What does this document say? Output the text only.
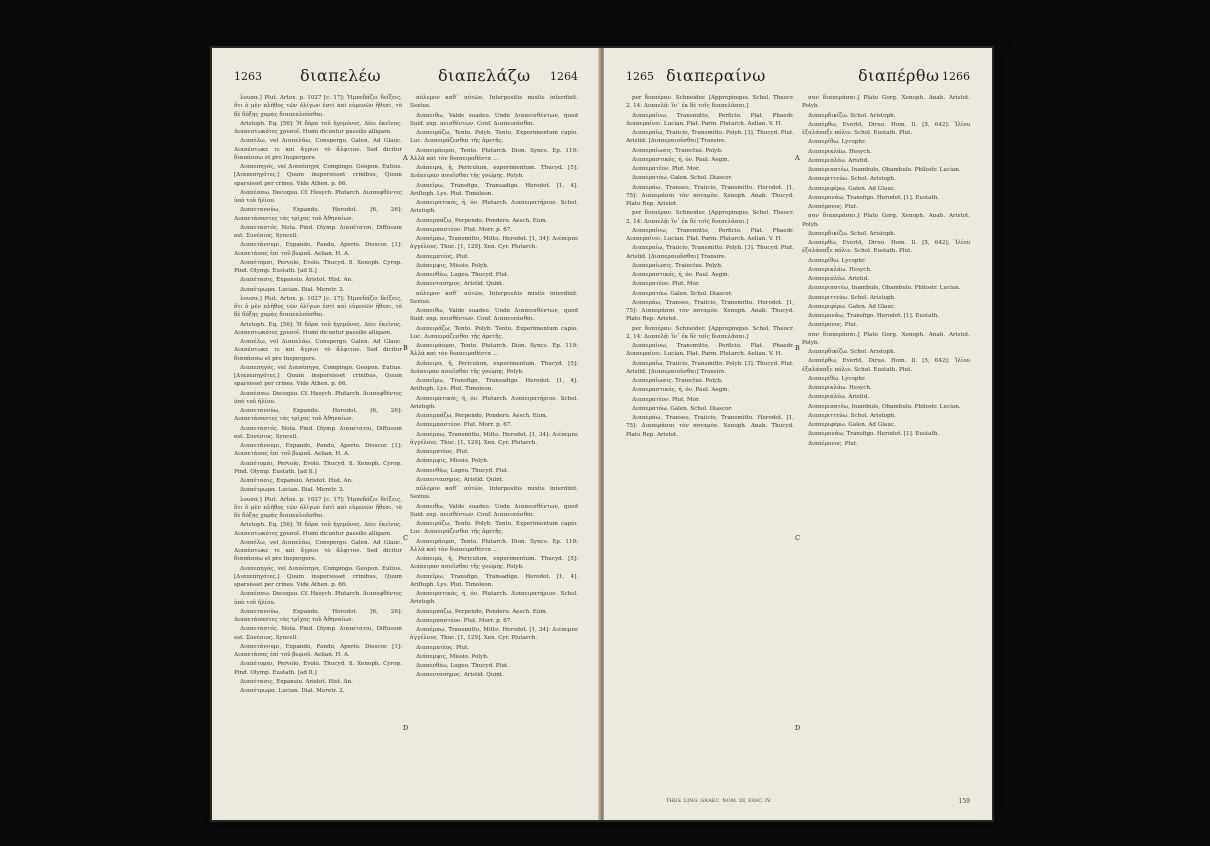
1263 διαπελέω	διαπελάζω 1264

λουσα.] Plut. Artox. p. 1027 [c. 17]: Ἡμπεδάζει δείξεις, ὅτι ὁ μὲν πλῆθος τῶν ὀλίγων ἐστὶ καὶ εὐμενῶν ἤθεσι, τὸ δὲ δόξης χαρὰς διαπεπλοῦσθαι.

Aristoph. Eq. [56]: Ἡ δόρα τοῦ ἡγεμόνος. Δέει ἐκεῖνος. Διαπεπτωκότες χρυσοῖ. Homi dicuntur passilis alligare.

Διαπέλω, vel Διαπελάω, Conspergo. Galen. Ad Glauc. Διαπέπτωκε τε καὶ ἄγριοι τὸ ἄλφιτον. Sed dicitur διαπάσσω et pro Inspergere.

Διαπεπηγός, vel Διαπέπηγα, Compingo. Geopon. Eutius. [Διαπεπηγότες.] Quum inspersisset crinibus, Quum sparsisset per crines. Vide Athen. p. 66.

Διαπέσσω. Decoquo. Cf. Hesych. Plutarch. Διαπεφθέντες ὑπὸ τοῦ ἡλίου.

Διαπεταννύω, Expando. Herodot. [6, 26]: Διαπετάσαντες τὰς τρίχας τοῦ Ἀθηναίων.

Διαπεταστός. Nota. Pind. Olymp. Διαπέταται, Diffusum est. Συνέσιος. Syncell.

Διαπετάννυμι, Expando, Pando, Aperio. Dioscor. [1]: Διαπετάσας ἐπὶ τοῦ βωμοῦ. Aelian. H. A.

Διαπέτομαι, Pervolo, Evolo. Thucyd. 8. Xenoph. Cyrop. Pind. Olymp. Eustath. [ad Il.]

Διαπέτασις, Expansio. Aristot. Hist. An.

Διαπέτρωμα. Lucian. Dial. Meretr. 2.

λουσα.] Plut. Artox. p. 1027 [c. 17]: Ἡμπεδάζει δείξεις, ὅτι ὁ μὲν πλῆθος τῶν ὀλίγων ἐστὶ καὶ εὐμενῶν ἤθεσι, τὸ δὲ δόξης χαρὰς διαπεπλοῦσθαι.

Aristoph. Eq. [56]: Ἡ δόρα τοῦ ἡγεμόνος. Δέει ἐκεῖνος. Διαπεπτωκότες χρυσοῖ. Homi dicuntur passilis alligare.

Διαπέλω, vel Διαπελάω, Conspergo. Galen. Ad Glauc. Διαπέπτωκε τε καὶ ἄγριοι τὸ ἄλφιτον. Sed dicitur διαπάσσω et pro Inspergere.

Διαπεπηγός, vel Διαπέπηγα, Compingo. Geopon. Eutius. [Διαπεπηγότες.] Quum inspersisset crinibus, Quum sparsisset per crines. Vide Athen. p. 66.

Διαπέσσω. Decoquo. Cf. Hesych. Plutarch. Διαπεφθέντες ὑπὸ τοῦ ἡλίου.

Διαπεταννύω, Expando. Herodot. [6, 26]: Διαπετάσαντες τὰς τρίχας τοῦ Ἀθηναίων.

Διαπεταστός. Nota. Pind. Olymp. Διαπέταται, Diffusum est. Συνέσιος. Syncell.

Διαπετάννυμι, Expando, Pando, Aperio. Dioscor. [1]: Διαπετάσας ἐπὶ τοῦ βωμοῦ. Aelian. H. A.

Διαπέτομαι, Pervolo, Evolo. Thucyd. 8. Xenoph. Cyrop. Pind. Olymp. Eustath. [ad Il.]

Διαπέτασις, Expansio. Aristot. Hist. An.

Διαπέτρωμα. Lucian. Dial. Meretr. 2.

λουσα.] Plut. Artox. p. 1027 [c. 17]: Ἡμπεδάζει δείξεις, ὅτι ὁ μὲν πλῆθος τῶν ὀλίγων ἐστὶ καὶ εὐμενῶν ἤθεσι, τὸ δὲ δόξης χαρὰς διαπεπλοῦσθαι.

Aristoph. Eq. [56]: Ἡ δόρα τοῦ ἡγεμόνος. Δέει ἐκεῖνος. Διαπεπτωκότες χρυσοῖ. Homi dicuntur passilis alligare.

Διαπέλω, vel Διαπελάω, Conspergo. Galen. Ad Glauc. Διαπέπτωκε τε καὶ ἄγριοι τὸ ἄλφιτον. Sed dicitur διαπάσσω et pro Inspergere.

Διαπεπηγός, vel Διαπέπηγα, Compingo. Geopon. Eutius. [Διαπεπηγότες.] Quum inspersisset crinibus, Quum sparsisset per crines. Vide Athen. p. 66.

Διαπέσσω. Decoquo. Cf. Hesych. Plutarch. Διαπεφθέντες ὑπὸ τοῦ ἡλίου.

Διαπεταννύω, Expando. Herodot. [6, 26]: Διαπετάσαντες τὰς τρίχας τοῦ Ἀθηναίων.

Διαπεταστός. Nota. Pind. Olymp. Διαπέταται, Diffusum est. Συνέσιος. Syncell.

Διαπετάννυμι, Expando, Pando, Aperio. Dioscor. [1]: Διαπετάσας ἐπὶ τοῦ βωμοῦ. Aelian. H. A.

Διαπέτομαι, Pervolo, Evolo. Thucyd. 8. Xenoph. Cyrop. Pind. Olymp. Eustath. [ad Il.]

Διαπέτασις, Expansio. Aristot. Hist. An.

Διαπέτρωμα. Lucian. Dial. Meretr. 2.

A
B
C
D

πόλεμον καθ᾽ αὐτῶν, Interpositis mixtis interdixit. Sextus.

Διαπειθω, Valde suadeo. Unde Διαπεισθέντων, quod Suid. exp. πεισθέντων. Conf. Διαπεισάσθαι.

Διαπειράζω, Tento. Polyb. Tento, Experimentum capio. Luc. Διαπειράζεσθαι τῆς ἀρετῆς.

Διαπειράομαι, Tento. Plutarch. Dion. Syncs. Ep. 119: Ἀλλὰ καὶ τὸν διαπειραθέντα ...

Διάπειρα, ἡ, Periculum, experimentum. Thucyd. [5]: Διάπειραν ποιεῖσθαι τῆς γνώμης. Polyb.

Διαπεῖρω, Transfigo, Transadigo. Herodot. [1, 4]. Αriſtoph. Lys. Plut. Timoleon.

Διαπειρατικός, ή, όν. Plutarch. Διαπειρατήριον. Schol. Aristoph.

Διαπεμπάζω, Perpendo, Pondero. Aesch. Eum.

Διαπεμπαστέον. Plut. Morr. p. 67.

Διαπέμπω, Transmitto, Mitto. Herodot. [1, 34]: Διέπεμπε ἀγγέλους. Thuc. [1, 129]. Xen. Cyr. Plutarch.

Διαπεμπτέος. Plut.

Διάπεμψις, Missio. Polyb.

Διαπενθέω, Lugeo. Thucyd. Plut.

Διαπεντασημος. Aristid. Quint.

πόλεμον καθ᾽ αὐτῶν, Interpositis mixtis interdixit. Sextus.

Διαπειθω, Valde suadeo. Unde Διαπεισθέντων, quod Suid. exp. πεισθέντων. Conf. Διαπεισάσθαι.

Διαπειράζω, Tento. Polyb. Tento, Experimentum capio. Luc. Διαπειράζεσθαι τῆς ἀρετῆς.

Διαπειράομαι, Tento. Plutarch. Dion. Syncs. Ep. 119: Ἀλλὰ καὶ τὸν διαπειραθέντα ...

Διάπειρα, ἡ, Periculum, experimentum. Thucyd. [5]: Διάπειραν ποιεῖσθαι τῆς γνώμης. Polyb.

Διαπεῖρω, Transfigo, Transadigo. Herodot. [1, 4]. Αriſtoph. Lys. Plut. Timoleon.

Διαπειρατικός, ή, όν. Plutarch. Διαπειρατήριον. Schol. Aristoph.

Διαπεμπάζω, Perpendo, Pondero. Aesch. Eum.

Διαπεμπαστέον. Plut. Morr. p. 67.

Διαπέμπω, Transmitto, Mitto. Herodot. [1, 34]: Διέπεμπε ἀγγέλους. Thuc. [1, 129]. Xen. Cyr. Plutarch.

Διαπεμπτέος. Plut.

Διάπεμψις, Missio. Polyb.

Διαπενθέω, Lugeo. Thucyd. Plut.

Διαπεντασημος. Aristid. Quint.

πόλεμον καθ᾽ αὐτῶν, Interpositis mixtis interdixit. Sextus.

Διαπειθω, Valde suadeo. Unde Διαπεισθέντων, quod Suid. exp. πεισθέντων. Conf. Διαπεισάσθαι.

Διαπειράζω, Tento. Polyb. Tento, Experimentum capio. Luc. Διαπειράζεσθαι τῆς ἀρετῆς.

Διαπειράομαι, Tento. Plutarch. Dion. Syncs. Ep. 119: Ἀλλὰ καὶ τὸν διαπειραθέντα ...

Διάπειρα, ἡ, Periculum, experimentum. Thucyd. [5]: Διάπειραν ποιεῖσθαι τῆς γνώμης. Polyb.

Διαπεῖρω, Transfigo, Transadigo. Herodot. [1, 4]. Αriſtoph. Lys. Plut. Timoleon.

Διαπειρατικός, ή, όν. Plutarch. Διαπειρατήριον. Schol. Aristoph.

Διαπεμπάζω, Perpendo, Pondero. Aesch. Eum.

Διαπεμπαστέον. Plut. Morr. p. 67.

Διαπέμπω, Transmitto, Mitto. Herodot. [1, 34]: Διέπεμπε ἀγγέλους. Thuc. [1, 129]. Xen. Cyr. Plutarch.

Διαπεμπτέος. Plut.

Διάπεμψις, Missio. Polyb.

Διαπενθέω, Lugeo. Thucyd. Plut.

Διαπεντασημος. Aristid. Quint.

1265 διαπεραίνω	διαπέρθω 1266

per διαπέραν. Schneider. [Appropinquo. Schol. Theocr. 2, 14: Διαπελᾷ: ἵν᾽ ἐκ δὲ τοῖς διαπελᾶσαι.]

Διαπεραίνω, Transmitto, Perficio. Plat. Phaedr. Διαπεραίνει. Lucian. Plat. Parm. Plutarch. Aelian. V. H.

Διαπεραίω, Traiicio, Transmitto. Polyb. [3]. Thucyd. Plut. Aristid. [Διαπεραιοῦσθαι] Transire.

Διαπεραίωσις. Traiectus. Polyb.

Διαπεραστικός, ή, όν. Paul. Aegin.

Διαπερατέον. Plut. Mor.

Διαπερατόω. Galen. Schol. Diascor.

Διαπεράω, Transeo, Traiicio, Transmitto. Herodot. [1, 75]: Διαπεράσαι τὸν ποταμὸν. Xenoph. Anab. Thucyd. Plato Rep. Aristot.

per διαπέραν. Schneider. [Appropinquo. Schol. Theocr. 2, 14: Διαπελᾷ: ἵν᾽ ἐκ δὲ τοῖς διαπελᾶσαι.]

Διαπεραίνω, Transmitto, Perficio. Plat. Phaedr. Διαπεραίνει. Lucian. Plat. Parm. Plutarch. Aelian. V. H.

Διαπεραίω, Traiicio, Transmitto. Polyb. [3]. Thucyd. Plut. Aristid. [Διαπεραιοῦσθαι] Transire.

Διαπεραίωσις. Traiectus. Polyb.

Διαπεραστικός, ή, όν. Paul. Aegin.

Διαπερατέον. Plut. Mor.

Διαπερατόω. Galen. Schol. Diascor.

Διαπεράω, Transeo, Traiicio, Transmitto. Herodot. [1, 75]: Διαπεράσαι τὸν ποταμὸν. Xenoph. Anab. Thucyd. Plato Rep. Aristot.

per διαπέραν. Schneider. [Appropinquo. Schol. Theocr. 2, 14: Διαπελᾷ: ἵν᾽ ἐκ δὲ τοῖς διαπελᾶσαι.]

Διαπεραίνω, Transmitto, Perficio. Plat. Phaedr. Διαπεραίνει. Lucian. Plat. Parm. Plutarch. Aelian. V. H.

Διαπεραίω, Traiicio, Transmitto. Polyb. [3]. Thucyd. Plut. Aristid. [Διαπεραιοῦσθαι] Transire.

Διαπεραίωσις. Traiectus. Polyb.

Διαπεραστικός, ή, όν. Paul. Aegin.

Διαπερατέον. Plut. Mor.

Διαπερατόω. Galen. Schol. Diascor.

Διαπεράω, Transeo, Traiicio, Transmitto. Herodot. [1, 75]: Διαπεράσαι τὸν ποταμὸν. Xenoph. Anab. Thucyd. Plato Rep. Aristot.

A
B
C
D

σαν διαπεράσαι.] Plato Gorg. Xenoph. Anab. Aristot. Polyb.

Διαπερδικίζω. Schol. Aristoph.

Διαπέρθω, Evertō, Diruo. Hom. Il. [5, 642]: Ἰλίου ἐξαλάπαξε πόλιν. Schol. Eustath. Plut.

Διαπερίθω. Lycophr.

Διαπερικλάω. Hesych.

Διαπεριπλέω. Aristid.

Διαπεριπατέω, Inambulo, Obambulo. Philostr. Lucian.

Διαπεριττεύω. Schol. Aristoph.

Διαπεριφέρω. Galen. Ad Glauc.

Διαπερονάω, Transfigo. Herodot. [1]. Eustath.

Διαπέρονος. Plut.

σαν διαπεράσαι.] Plato Gorg. Xenoph. Anab. Aristot. Polyb.

Διαπερδικίζω. Schol. Aristoph.

Διαπέρθω, Evertō, Diruo. Hom. Il. [5, 642]: Ἰλίου ἐξαλάπαξε πόλιν. Schol. Eustath. Plut.

Διαπερίθω. Lycophr.

Διαπερικλάω. Hesych.

Διαπεριπλέω. Aristid.

Διαπεριπατέω, Inambulo, Obambulo. Philostr. Lucian.

Διαπεριττεύω. Schol. Aristoph.

Διαπεριφέρω. Galen. Ad Glauc.

Διαπερονάω, Transfigo. Herodot. [1]. Eustath.

Διαπέρονος. Plut.

σαν διαπεράσαι.] Plato Gorg. Xenoph. Anab. Aristot. Polyb.

Διαπερδικίζω. Schol. Aristoph.

Διαπέρθω, Evertō, Diruo. Hom. Il. [5, 642]: Ἰλίου ἐξαλάπαξε πόλιν. Schol. Eustath. Plut.

Διαπερίθω. Lycophr.

Διαπερικλάω. Hesych.

Διαπεριπλέω. Aristid.

Διαπεριπατέω, Inambulo, Obambulo. Philostr. Lucian.

Διαπεριττεύω. Schol. Aristoph.

Διαπεριφέρω. Galen. Ad Glauc.

Διαπερονάω, Transfigo. Herodot. [1]. Eustath.

Διαπέρονος. Plut.

THES. LING. GRAEC. NOM. III, FASC. IV.	159
